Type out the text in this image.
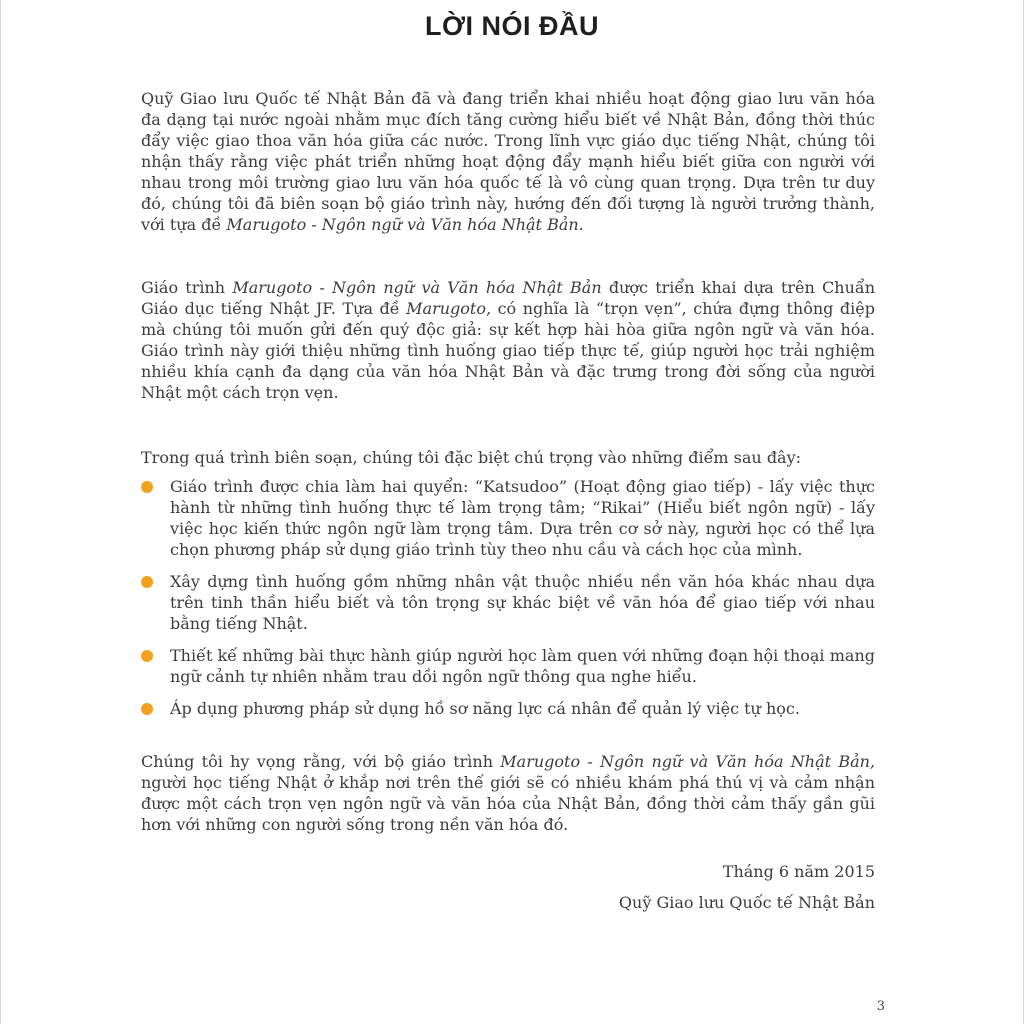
LỜI NÓI ĐẦU

Quỹ Giao lưu Quốc tế Nhật Bản đã và đang triển khai nhiều hoạt động giao lưu văn hóa đa dạng tại nước ngoài nhằm mục đích tăng cường hiểu biết về Nhật Bản, đồng thời thúc đẩy việc giao thoa văn hóa giữa các nước. Trong lĩnh vực giáo dục tiếng Nhật, chúng tôi nhận thấy rằng việc phát triển những hoạt động đẩy mạnh hiểu biết giữa con người với nhau trong môi trường giao lưu văn hóa quốc tế là vô cùng quan trọng. Dựa trên tư duy đó, chúng tôi đã biên soạn bộ giáo trình này, hướng đến đối tượng là người trưởng thành, với tựa đề Marugoto - Ngôn ngữ và Văn hóa Nhật Bản.

Giáo trình Marugoto - Ngôn ngữ và Văn hóa Nhật Bản được triển khai dựa trên Chuẩn Giáo dục tiếng Nhật JF. Tựa đề Marugoto, có nghĩa là “trọn vẹn”, chứa đựng thông điệp mà chúng tôi muốn gửi đến quý độc giả: sự kết hợp hài hòa giữa ngôn ngữ và văn hóa. Giáo trình này giới thiệu những tình huống giao tiếp thực tế, giúp người học trải nghiệm nhiều khía cạnh đa dạng của văn hóa Nhật Bản và đặc trưng trong đời sống của người Nhật một cách trọn vẹn.

Trong quá trình biên soạn, chúng tôi đặc biệt chú trọng vào những điểm sau đây:

Giáo trình được chia làm hai quyển: “Katsudoo” (Hoạt động giao tiếp) - lấy việc thực hành từ những tình huống thực tế làm trọng tâm; “Rikai” (Hiểu biết ngôn ngữ) - lấy việc học kiến thức ngôn ngữ làm trọng tâm. Dựa trên cơ sở này, người học có thể lựa chọn phương pháp sử dụng giáo trình tùy theo nhu cầu và cách học của mình.
Xây dựng tình huống gồm những nhân vật thuộc nhiều nền văn hóa khác nhau dựa trên tinh thần hiểu biết và tôn trọng sự khác biệt về văn hóa để giao tiếp với nhau bằng tiếng Nhật.
Thiết kế những bài thực hành giúp người học làm quen với những đoạn hội thoại mang ngữ cảnh tự nhiên nhằm trau dồi ngôn ngữ thông qua nghe hiểu.
Áp dụng phương pháp sử dụng hồ sơ năng lực cá nhân để quản lý việc tự học.

Chúng tôi hy vọng rằng, với bộ giáo trình Marugoto - Ngôn ngữ và Văn hóa Nhật Bản, người học tiếng Nhật ở khắp nơi trên thế giới sẽ có nhiều khám phá thú vị và cảm nhận được một cách trọn vẹn ngôn ngữ và văn hóa của Nhật Bản, đồng thời cảm thấy gần gũi hơn với những con người sống trong nền văn hóa đó.

Tháng 6 năm 2015
Quỹ Giao lưu Quốc tế Nhật Bản
3
